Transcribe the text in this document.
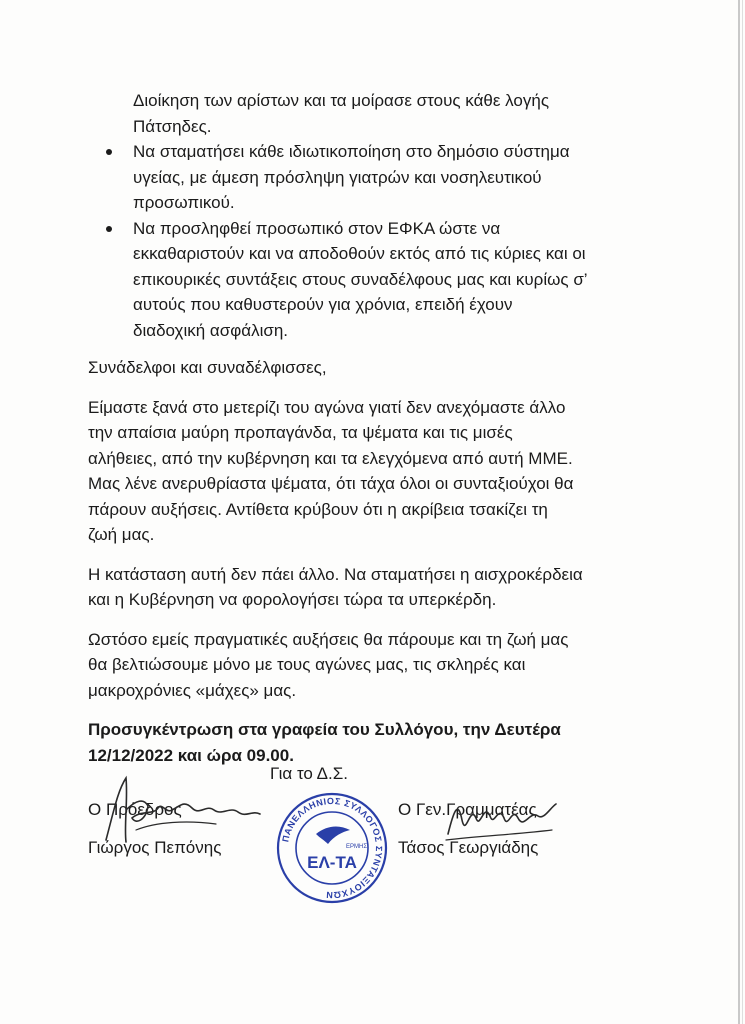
Διοίκηση των αρίστων και τα μοίρασε στους κάθε λογής
Πάτσηδες.
Να σταματήσει κάθε ιδιωτικοποίηση στο δημόσιο σύστημα
υγείας, με άμεση πρόσληψη γιατρών και νοσηλευτικού
προσωπικού.
Να προσληφθεί προσωπικό στον ΕΦΚΑ ώστε να
εκκαθαριστούν και να αποδοθούν εκτός από τις κύριες και οι
επικουρικές συντάξεις στους συναδέλφους μας και κυρίως σ’
αυτούς που καθυστερούν για χρόνια, επειδή έχουν
διαδοχική ασφάλιση.

Συνάδελφοι και συναδέλφισσες,

Είμαστε ξανά στο μετερίζι του αγώνα γιατί δεν ανεχόμαστε άλλο
την απαίσια μαύρη προπαγάνδα, τα ψέματα και τις μισές
αλήθειες, από την κυβέρνηση και τα ελεγχόμενα από αυτή ΜΜΕ.
Μας λένε ανερυθρίαστα ψέματα, ότι τάχα όλοι οι συνταξιούχοι θα
πάρουν αυξήσεις. Αντίθετα κρύβουν ότι η ακρίβεια τσακίζει τη
ζωή μας.
Η κατάσταση αυτή δεν πάει άλλο. Να σταματήσει η αισχροκέρδεια
και η Κυβέρνηση να φορολογήσει τώρα τα υπερκέρδη.
Ωστόσο εμείς πραγματικές αυξήσεις θα πάρουμε και τη ζωή μας
θα βελτιώσουμε μόνο με τους αγώνες μας, τις σκληρές και
μακροχρόνιες «μάχες» μας.
Προσυγκέντρωση στα γραφεία του Συλλόγου, την Δευτέρα
12/12/2022 και ώρα 09.00.
Για το Δ.Σ.
Ο Πρόεδρος
Γιώργος Πεπόνης
Ο Γεν.Γραμματέας
Τάσος Γεωργιάδης
ΠΑΝΕΛΛΗΝΙΟΣ ΣΥΛΛΟΓΟΣ ΣΥΝΤΑΞΙΟΥΧΩΝ
ΕΡΜΗΣ
ΕΛ-ΤΑ
